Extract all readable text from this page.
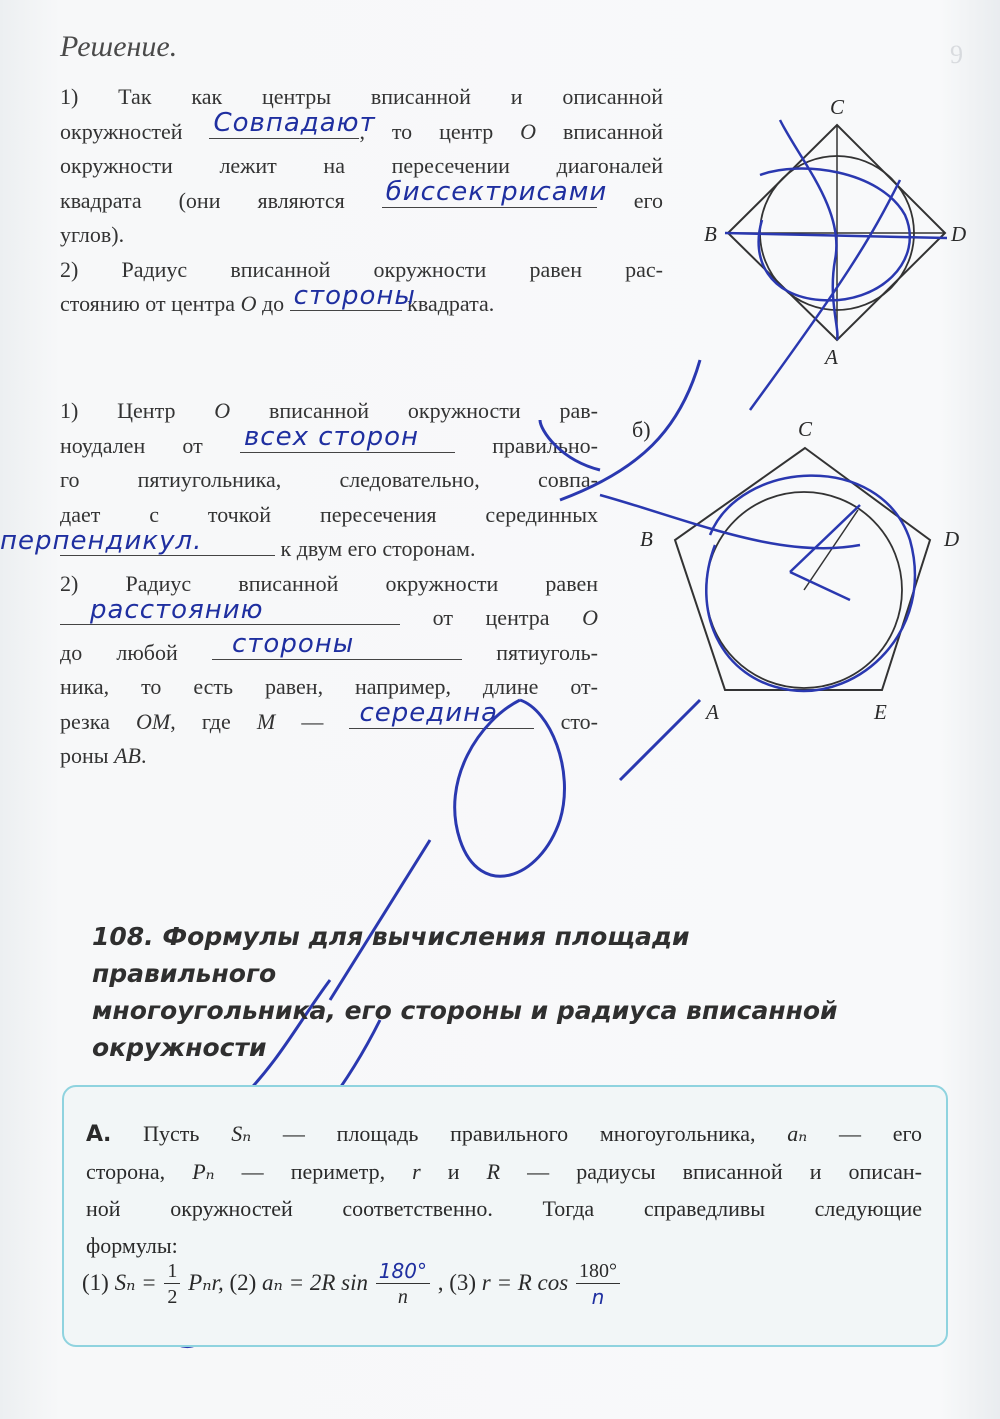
9
Решение.
1) Так как центры вписанной и описанной
окружностей Совпадают
, то центр O вписанной
окружности лежит на пересечении диагоналей
квадрата (они являются биссектрисами
его
углов).
2) Радиус вписанной окружности равен рас-
стоянию от центра O до стороны
квадрата.
1) Центр O вписанной окружности рав-
ноудален от всех сторон правильно-
го пятиугольника, следовательно, совпа-
дает с точкой пересечения серединных
перпендикул.	к двум его сторонам.
2) Радиус вписанной окружности равен
расстоянию	от центра O
до любой стороны	пятиуголь-
ника, то есть равен, например, длине от-
резка OM, где M — середина сто-
роны AB.
б)
C
B	D
A
C
B	D
A	E
108. Формулы для вычисления площади правильного
многоугольника, его стороны и радиуса вписанной
окружности
А. Пусть Sₙ — площадь правильного многоугольника, aₙ — его
сторона, Pₙ — периметр, r и R — радиусы вписанной и описан-
ной окружностей соответственно. Тогда справедливы следующие
формулы:
(1) $S_n = \frac{1}{2} P_nr$, (2) aₙ = 2R $\sin \frac{180^\circ}{n}$ , (3) r = R $\cos \frac{180^\circ}{n}$
